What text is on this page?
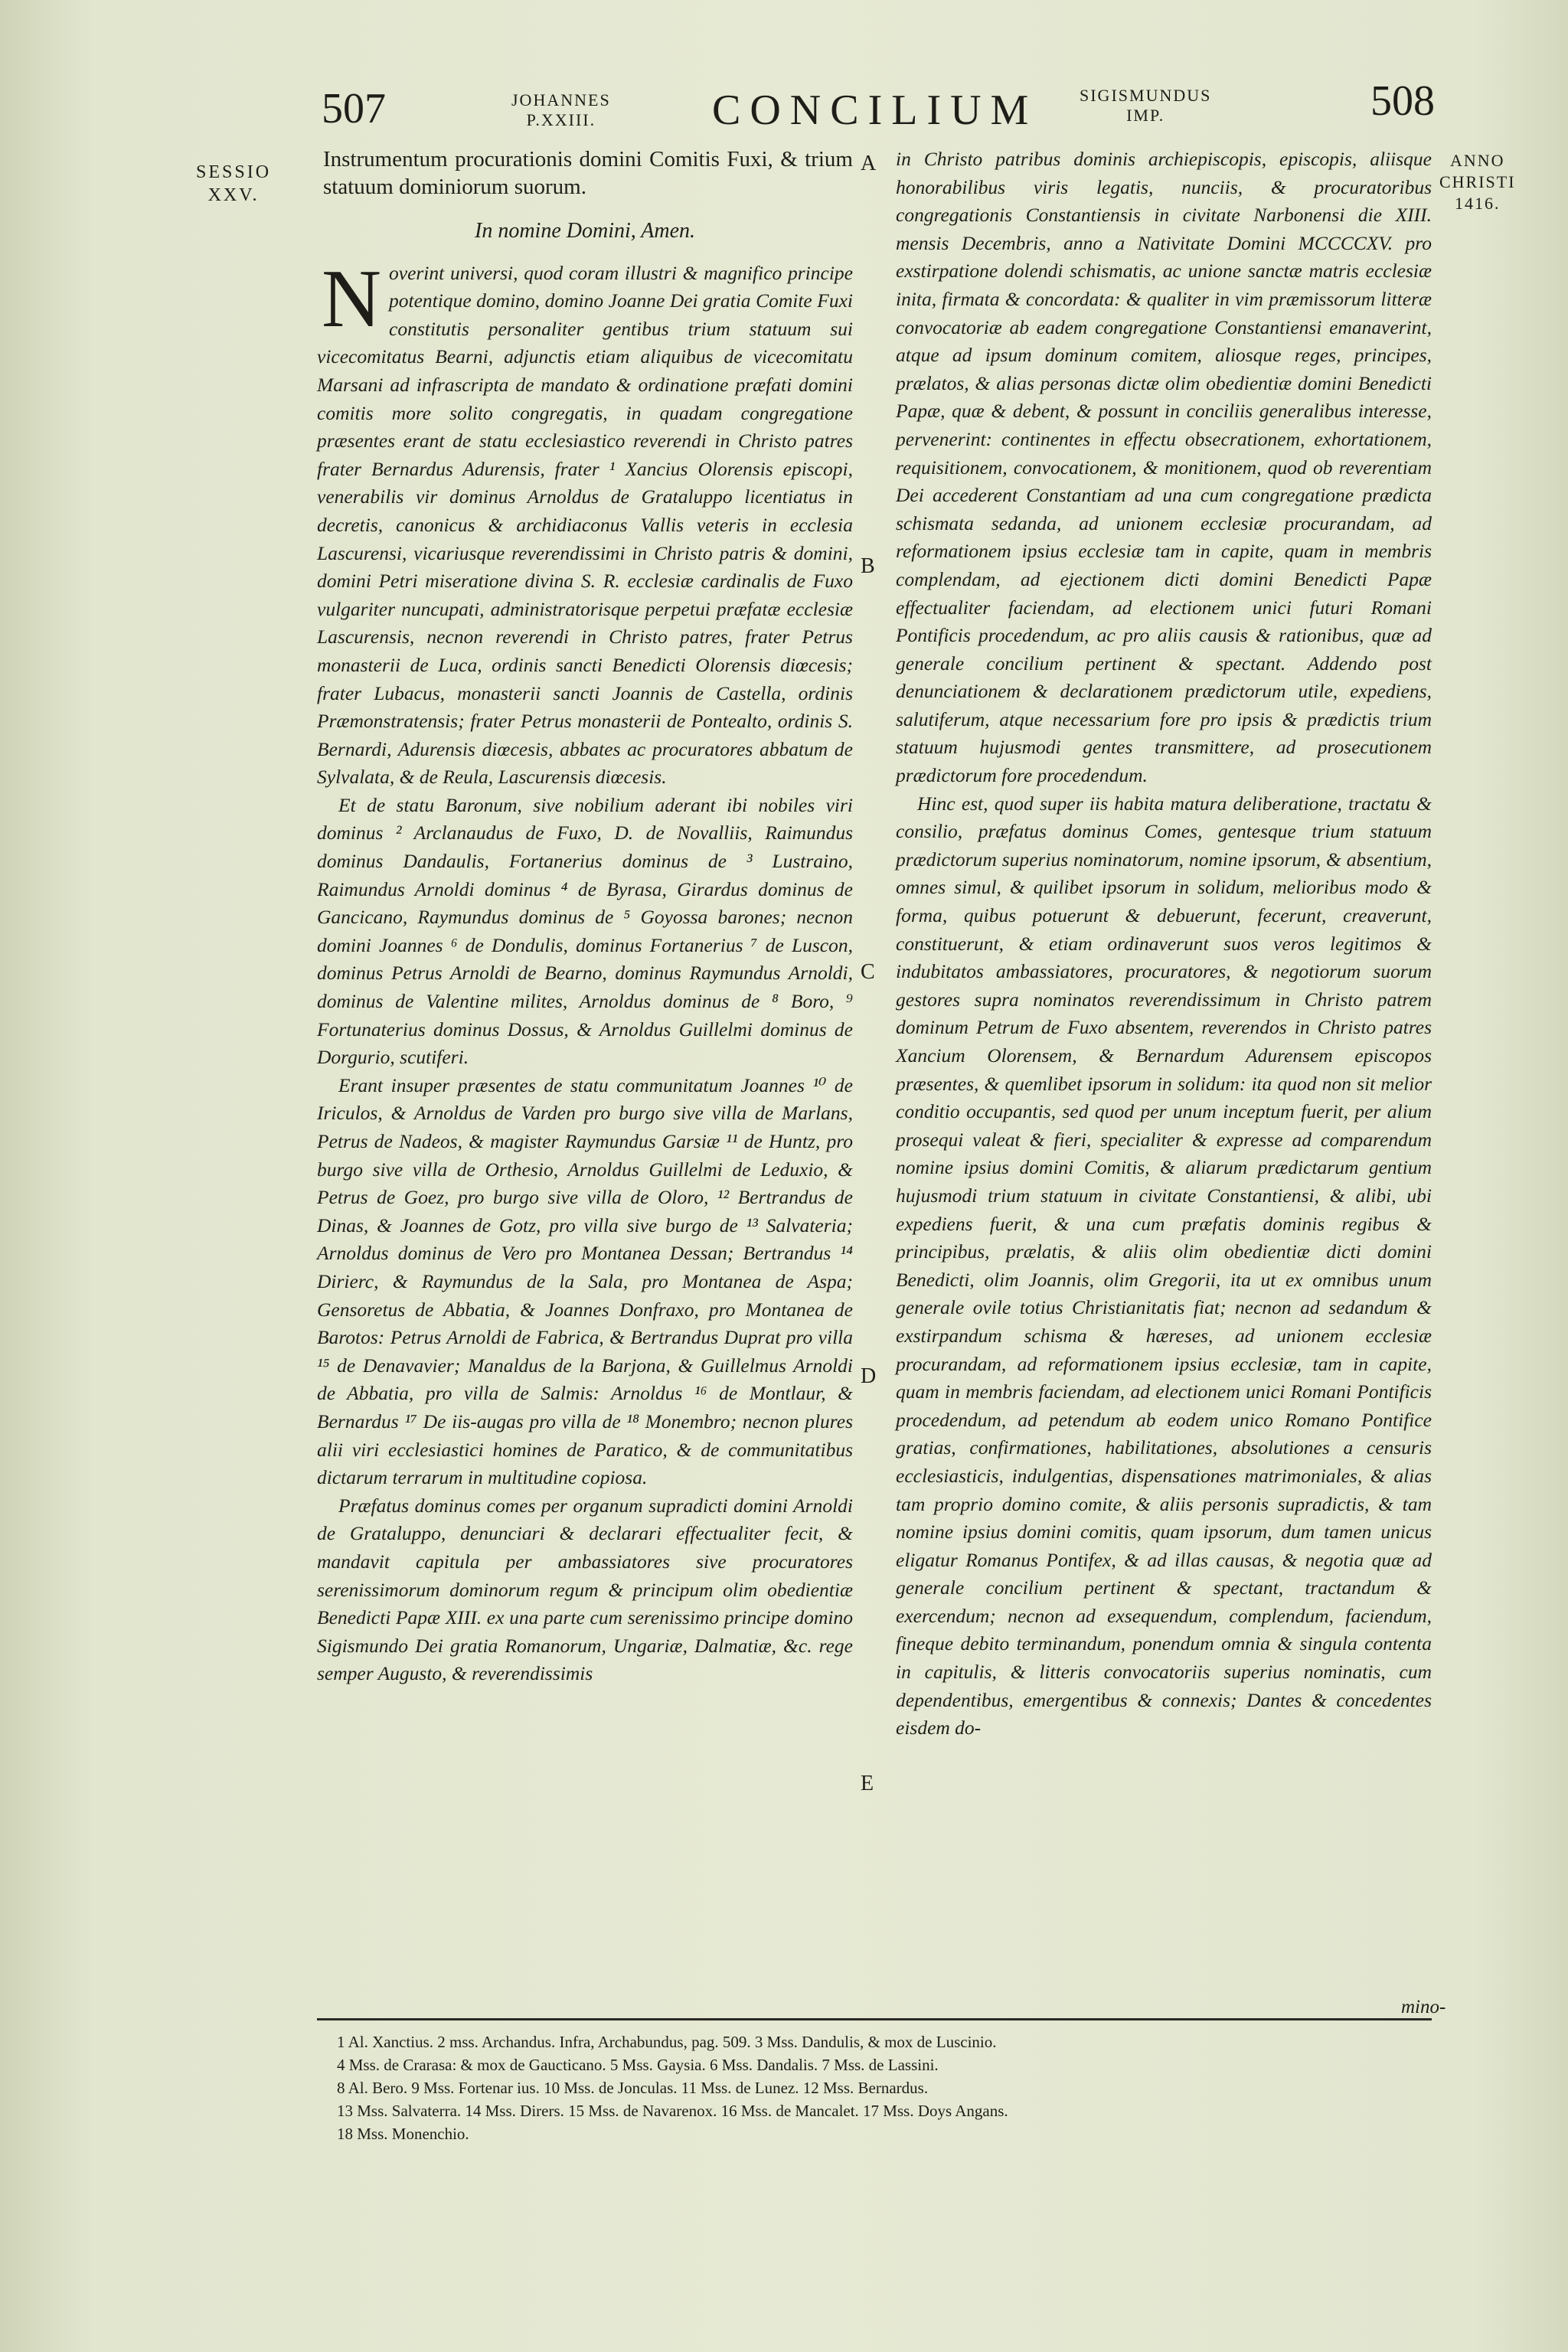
507	JOHANNES
P.XXIII.	CONCILIUM SIGISMUNDUS
IMP.	508
SESSIO
XXV.
ANNO
CHRISTI
1416.
A
B
C
D
E

Instrumentum procurationis domini Comitis Fuxi, & trium statuum dominiorum suorum.

In nomine Domini, Amen.

Noverint universi, quod coram illustri & magnifico principe potentique domino, domino Joanne Dei gratia Comite Fuxi constitutis personaliter gentibus trium statuum sui vicecomitatus Bearni, adjunctis etiam aliquibus de vicecomitatu Marsani ad infrascripta de mandato & ordinatione præfati domini comitis more solito congregatis, in quadam congregatione præsentes erant de statu ecclesiastico reverendi in Christo patres frater Bernardus Adurensis, frater ¹ Xancius Olorensis episcopi, venerabilis vir dominus Arnoldus de Grataluppo licentiatus in decretis, canonicus & archidiaconus Vallis veteris in ecclesia Lascurensi, vicariusque reverendissimi in Christo patris & domini, domini Petri miseratione divina S. R. ecclesiæ cardinalis de Fuxo vulgariter nuncupati, administratorisque perpetui præfatæ ecclesiæ Lascurensis, necnon reverendi in Christo patres, frater Petrus monasterii de Luca, ordinis sancti Benedicti Olorensis diœcesis; frater Lubacus, monasterii sancti Joannis de Castella, ordinis Præmonstratensis; frater Petrus monasterii de Pontealto, ordinis S. Bernardi, Adurensis diœcesis, abbates ac procuratores abbatum de Sylvalata, & de Reula, Lascurensis diœcesis.

Et de statu Baronum, sive nobilium aderant ibi nobiles viri dominus ² Arclanaudus de Fuxo, D. de Novalliis, Raimundus dominus Dandaulis, Fortanerius dominus de ³ Lustraino, Raimundus Arnoldi dominus ⁴ de Byrasa, Girardus dominus de Gancicano, Raymundus dominus de ⁵ Goyossa barones; necnon domini Joannes ⁶ de Dondulis, dominus Fortanerius ⁷ de Luscon, dominus Petrus Arnoldi de Bearno, dominus Raymundus Arnoldi, dominus de Valentine milites, Arnoldus dominus de ⁸ Boro, ⁹ Fortunaterius dominus Dossus, & Arnoldus Guillelmi dominus de Dorgurio, scutiferi.

Erant insuper præsentes de statu communitatum Joannes ¹⁰ de Iriculos, & Arnoldus de Varden pro burgo sive villa de Marlans, Petrus de Nadeos, & magister Raymundus Garsiæ ¹¹ de Huntz, pro burgo sive villa de Orthesio, Arnoldus Guillelmi de Leduxio, & Petrus de Goez, pro burgo sive villa de Oloro, ¹² Bertrandus de Dinas, & Joannes de Gotz, pro villa sive burgo de ¹³ Salvateria; Arnoldus dominus de Vero pro Montanea Dessan; Bertrandus ¹⁴ Dirierc, & Raymundus de la Sala, pro Montanea de Aspa; Gensoretus de Abbatia, & Joannes Donfraxo, pro Montanea de Barotos: Petrus Arnoldi de Fabrica, & Bertrandus Duprat pro villa ¹⁵ de Denavavier; Manaldus de la Barjona, & Guillelmus Arnoldi de Abbatia, pro villa de Salmis: Arnoldus ¹⁶ de Montlaur, & Bernardus ¹⁷ De iis-augas pro villa de ¹⁸ Monembro; necnon plures alii viri ecclesiastici homines de Paratico, & de communitatibus dictarum terrarum in multitudine copiosa.

Præfatus dominus comes per organum supradicti domini Arnoldi de Grataluppo, denunciari & declarari effectualiter fecit, & mandavit capitula per ambassiatores sive procuratores serenissimorum dominorum regum & principum olim obedientiæ Benedicti Papæ XIII. ex una parte cum serenissimo principe domino Sigismundo Dei gratia Romanorum, Ungariæ, Dalmatiæ, &c. rege semper Augusto, & reverendissimis

in Christo patribus dominis archiepiscopis, episcopis, aliisque honorabilibus viris legatis, nunciis, & procuratoribus congregationis Constantiensis in civitate Narbonensi die XIII. mensis Decembris, anno a Nativitate Domini MCCCCXV. pro exstirpatione dolendi schismatis, ac unione sanctæ matris ecclesiæ inita, firmata & concordata: & qualiter in vim præmissorum litteræ convocatoriæ ab eadem congregatione Constantiensi emanaverint, atque ad ipsum dominum comitem, aliosque reges, principes, prælatos, & alias personas dictæ olim obedientiæ domini Benedicti Papæ, quæ & debent, & possunt in conciliis generalibus interesse, pervenerint: continentes in effectu obsecrationem, exhortationem, requisitionem, convocationem, & monitionem, quod ob reverentiam Dei accederent Constantiam ad una cum congregatione prædicta schismata sedanda, ad unionem ecclesiæ procurandam, ad reformationem ipsius ecclesiæ tam in capite, quam in membris complendam, ad ejectionem dicti domini Benedicti Papæ effectualiter faciendam, ad electionem unici futuri Romani Pontificis procedendum, ac pro aliis causis & rationibus, quæ ad generale concilium pertinent & spectant. Addendo post denunciationem & declarationem prædictorum utile, expediens, salutiferum, atque necessarium fore pro ipsis & prædictis trium statuum hujusmodi gentes transmittere, ad prosecutionem prædictorum fore procedendum.

Hinc est, quod super iis habita matura deliberatione, tractatu & consilio, præfatus dominus Comes, gentesque trium statuum prædictorum superius nominatorum, nomine ipsorum, & absentium, omnes simul, & quilibet ipsorum in solidum, melioribus modo & forma, quibus potuerunt & debuerunt, fecerunt, creaverunt, constituerunt, & etiam ordinaverunt suos veros legitimos & indubitatos ambassiatores, procuratores, & negotiorum suorum gestores supra nominatos reverendissimum in Christo patrem dominum Petrum de Fuxo absentem, reverendos in Christo patres Xancium Olorensem, & Bernardum Adurensem episcopos præsentes, & quemlibet ipsorum in solidum: ita quod non sit melior conditio occupantis, sed quod per unum inceptum fuerit, per alium prosequi valeat & fieri, specialiter & expresse ad comparendum nomine ipsius domini Comitis, & aliarum prædictarum gentium hujusmodi trium statuum in civitate Constantiensi, & alibi, ubi expediens fuerit, & una cum præfatis dominis regibus & principibus, prælatis, & aliis olim obedientiæ dicti domini Benedicti, olim Joannis, olim Gregorii, ita ut ex omnibus unum generale ovile totius Christianitatis fiat; necnon ad sedandum & exstirpandum schisma & hæreses, ad unionem ecclesiæ procurandam, ad reformationem ipsius ecclesiæ, tam in capite, quam in membris faciendam, ad electionem unici Romani Pontificis procedendum, ad petendum ab eodem unico Romano Pontifice gratias, confirmationes, habilitationes, absolutiones a censuris ecclesiasticis, indulgentias, dispensationes matrimoniales, & alias tam proprio domino comite, & aliis personis supradictis, & tam nomine ipsius domini comitis, quam ipsorum, dum tamen unicus eligatur Romanus Pontifex, & ad illas causas, & negotia quæ ad generale concilium pertinent & spectant, tractandum & exercendum; necnon ad exsequendum, complendum, faciendum, fineque debito terminandum, ponendum omnia & singula contenta in capitulis, & litteris convocatoriis superius nominatis, cum dependentibus, emergentibus & connexis; Dantes & concedentes eisdem do-

mino-
1 Al. Xanctius. 2 mss. Archandus. Infra, Archabundus, pag. 509. 3 Mss. Dandulis, & mox de Luscinio.
4 Mss. de Crarasa: & mox de Gaucticano. 5 Mss. Gaysia. 6 Mss. Dandalis. 7 Mss. de Lassini.
8 Al. Bero. 9 Mss. Fortenar ius. 10 Mss. de Jonculas. 11 Mss. de Lunez. 12 Mss. Bernardus.
13 Mss. Salvaterra. 14 Mss. Dirers. 15 Mss. de Navarenox. 16 Mss. de Mancalet. 17 Mss. Doys Angans.
18 Mss. Monenchio.
